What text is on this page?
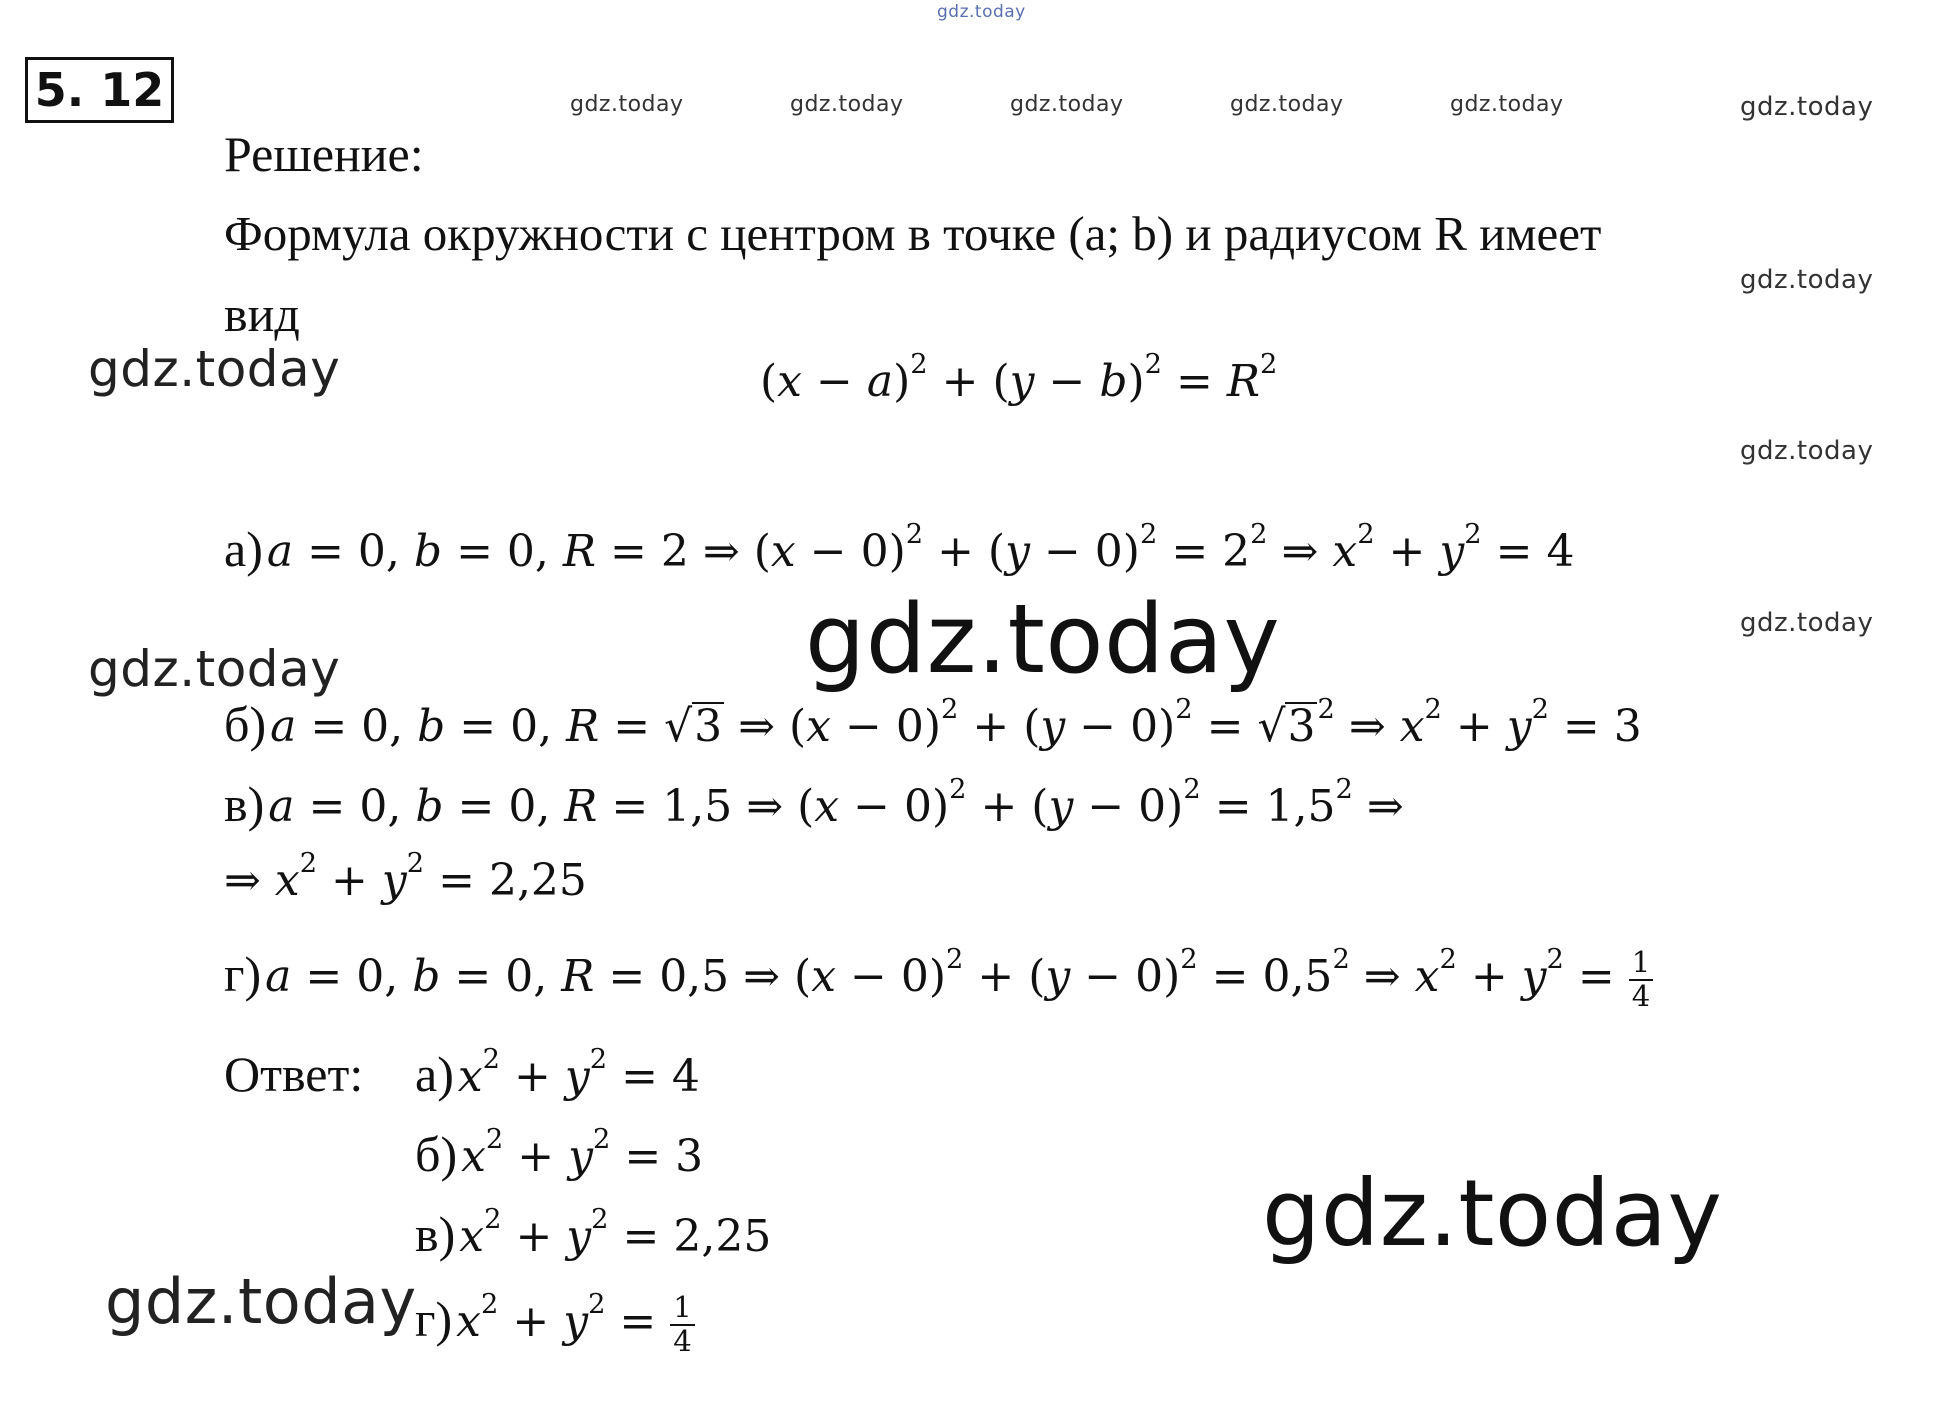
gdz.today
gdz.today	gdz.today	gdz.today	gdz.today	gdz.today	gdz.today
gdz.today
gdz.today
gdz.today
gdz.today
gdz.today
gdz.today
gdz.today
gdz.today
5. 12
Решение:
Формула окружности с центром в точке (a; b) и радиусом R имеет
вид
$(x - a)^2 + (y - b)^2 = R^2$
а) a = 0, b = 0, R = 2 ⇒ $(x - 0)^2 + (y - 0)^2 = 2^2$ ⇒ $x^2 + y^2 = 4$
б) a = 0, b = 0, R = √3 ⇒ $(x - 0)^2 + (y - 0)^2 = √3^2$ ⇒ $x^2 + y^2 = 3$
в) a = 0, b = 0, R = 1,5 ⇒ $(x - 0)^2 + (y - 0)^2 = 1,5^2$ ⇒
⇒ $x^2 + y^2 = 2,25$
г) a = 0, b = 0, R = 0,5 ⇒ $(x - 0)^2 + (y - 0)^2 = 0,5^2$ ⇒ $x^2 + y^2 = \frac{1}{4}$
Ответ: а) $x^2 + y^2 = 4$
б) $x^2 + y^2 = 3$
в) $x^2 + y^2 = 2,25$
г) $x^2 + y^2 = \frac{1}{4}$
